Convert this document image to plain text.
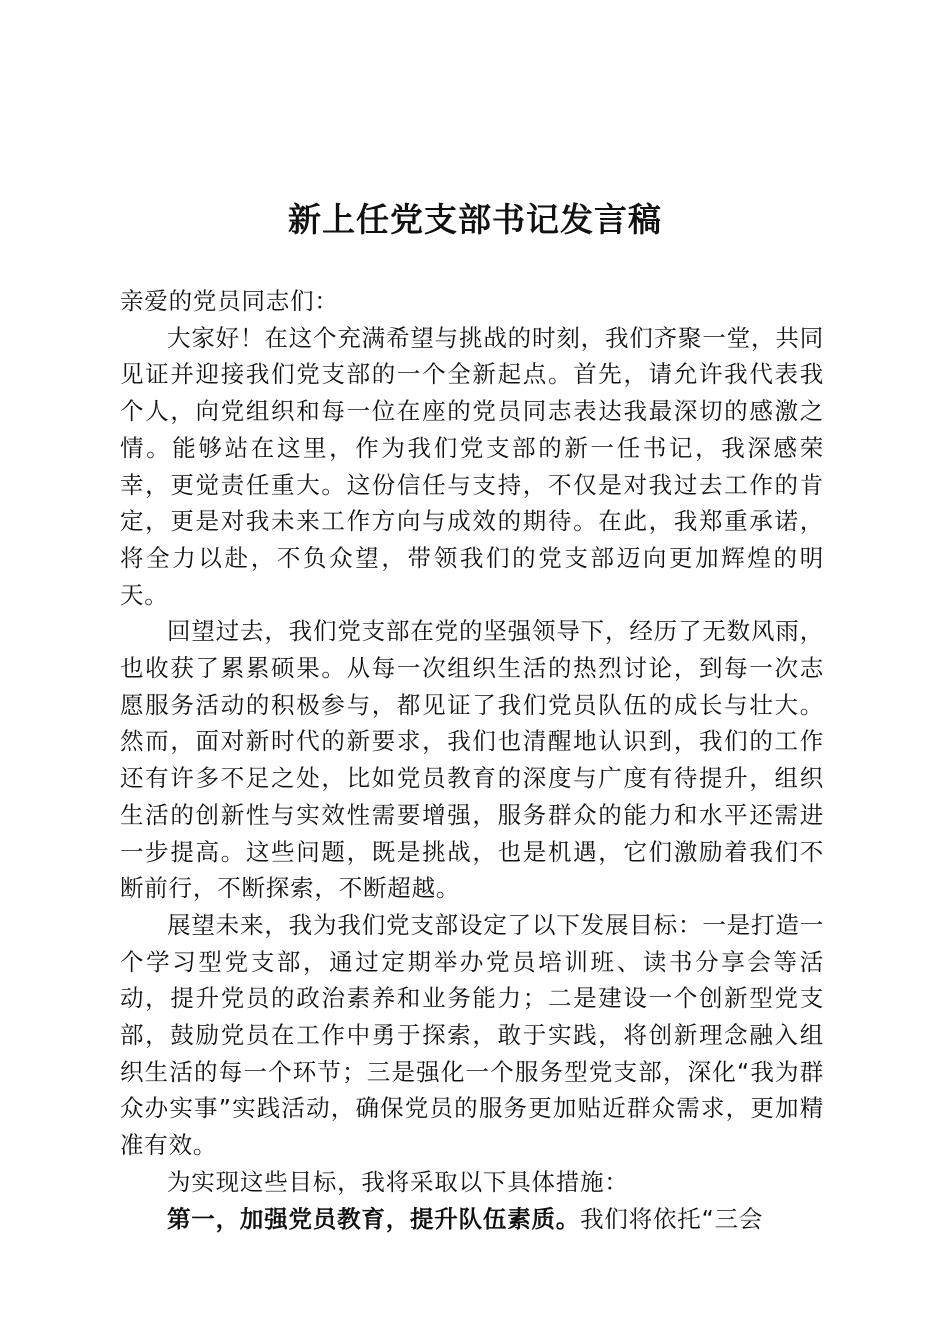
新上任党支部书记发言稿

亲爱的党员同志们：

大家好！在这个充满希望与挑战的时刻，我们齐聚一堂，共同见证并迎接我们党支部的一个全新起点。首先，请允许我代表我个人，向党组织和每一位在座的党员同志表达我最深切的感激之情。能够站在这里，作为我们党支部的新一任书记，我深感荣幸，更觉责任重大。这份信任与支持，不仅是对我过去工作的肯定，更是对我未来工作方向与成效的期待。在此，我郑重承诺，将全力以赴，不负众望，带领我们的党支部迈向更加辉煌的明天。

回望过去，我们党支部在党的坚强领导下，经历了无数风雨，也收获了累累硕果。从每一次组织生活的热烈讨论，到每一次志愿服务活动的积极参与，都见证了我们党员队伍的成长与壮大。然而，面对新时代的新要求，我们也清醒地认识到，我们的工作还有许多不足之处，比如党员教育的深度与广度有待提升，组织生活的创新性与实效性需要增强，服务群众的能力和水平还需进一步提高。这些问题，既是挑战，也是机遇，它们激励着我们不断前行，不断探索，不断超越。

展望未来，我为我们党支部设定了以下发展目标：一是打造一个学习型党支部，通过定期举办党员培训班、读书分享会等活动，提升党员的政治素养和业务能力；二是建设一个创新型党支部，鼓励党员在工作中勇于探索，敢于实践，将创新理念融入组织生活的每一个环节；三是强化一个服务型党支部，深化“我为群众办实事”实践活动，确保党员的服务更加贴近群众需求，更加精准有效。

为实现这些目标，我将采取以下具体措施：

第一，加强党员教育，提升队伍素质。我们将依托“三会
